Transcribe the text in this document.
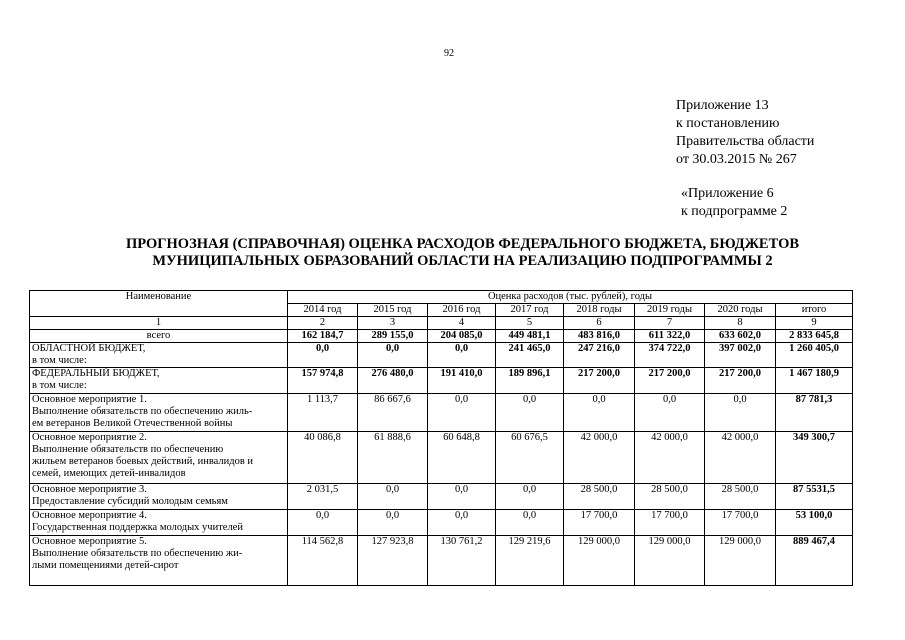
92
Приложение 13
к постановлению
Правительства области
от 30.03.2015 № 267
«Приложение 6
к подпрограмме 2
ПРОГНОЗНАЯ (СПРАВОЧНАЯ) ОЦЕНКА РАСХОДОВ ФЕДЕРАЛЬНОГО БЮДЖЕТА, БЮДЖЕТОВ
МУНИЦИПАЛЬНЫХ ОБРАЗОВАНИЙ ОБЛАСТИ НА РЕАЛИЗАЦИЮ ПОДПРОГРАММЫ 2
Наименование	Оценка расходов (тыс. рублей), годы							
	2014 год	2015 год	2016 год	2017 год	2018 годы	2019 годы	2020 годы	итого
1	2	3	4	5	6	7	8	9

всего	162 184,7	289 155,0	204 085,0	449 481,1	483 816,0	611 322,0	633 602,0	2 833 645,8

ОБЛАСТНОЙ БЮДЖЕТ,
в том числе:	0,0	0,0	0,0	241 465,0	247 216,0	374 722,0	397 002,0	1 260 405,0

ФЕДЕРАЛЬНЫЙ БЮДЖЕТ,
в том числе:	157 974,8	276 480,0	191 410,0	189 896,1	217 200,0	217 200,0	217 200,0	1 467 180,9

Основное мероприятие 1.
Выполнение обязательств по обеспечению жиль-
ем ветеранов Великой Отечественной войны	1 113,7	86 667,6	0,0	0,0	0,0	0,0	0,0	87 781,3

Основное мероприятие 2.
Выполнение обязательств по обеспечению
жильем ветеранов боевых действий, инвалидов и
семей, имеющих детей-инвалидов	40 086,8	61 888,6	60 648,8	60 676,5	42 000,0	42 000,0	42 000,0	349 300,7

Основное мероприятие 3.
Предоставление субсидий молодым семьям	2 031,5	0,0	0,0	0,0	28 500,0	28 500,0	28 500,0	87 5531,5

Основное мероприятие 4.
Государственная поддержка молодых учителей	0,0	0,0	0,0	0,0	17 700,0	17 700,0	17 700,0	53 100,0

Основное мероприятие 5.
Выполнение обязательств по обеспечению жи-
лыми помещениями детей-сирот	114 562,8	127 923,8	130 761,2	129 219,6	129 000,0	129 000,0	129 000,0	889 467,4
